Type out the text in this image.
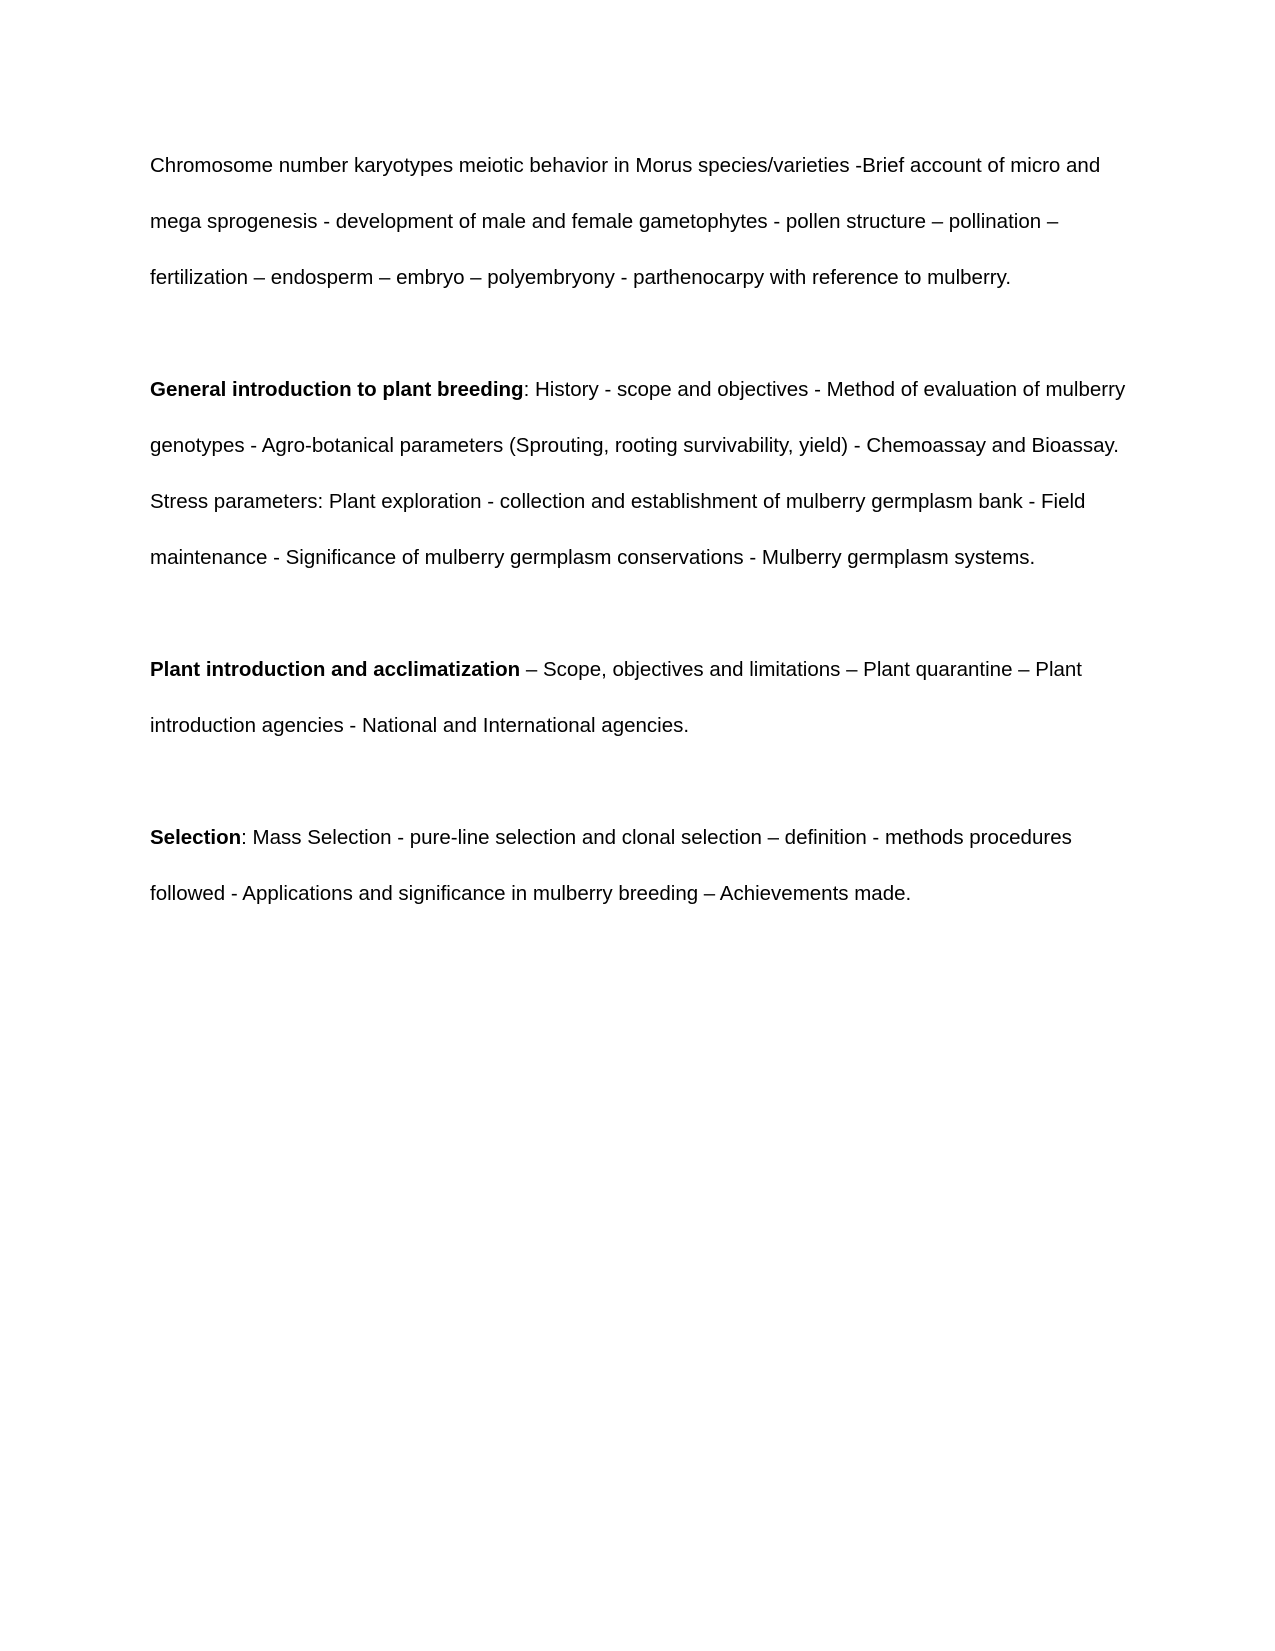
Chromosome number karyotypes meiotic behavior in Morus species/varieties -Brief account of micro and mega sprogenesis - development of male and female gametophytes - pollen structure – pollination – fertilization – endosperm – embryo – polyembryony - parthenocarpy with reference to mulberry.

General introduction to plant breeding: History - scope and objectives - Method of evaluation of mulberry genotypes - Agro-botanical parameters (Sprouting, rooting survivability, yield) - Chemoassay and Bioassay.

Stress parameters: Plant exploration - collection and establishment of mulberry germplasm bank - Field maintenance - Significance of mulberry germplasm conservations - Mulberry germplasm systems.

Plant introduction and acclimatization – Scope, objectives and limitations – Plant quarantine – Plant introduction agencies - National and International agencies.

Selection: Mass Selection - pure-line selection and clonal selection – definition - methods procedures followed - Applications and significance in mulberry breeding – Achievements made.
